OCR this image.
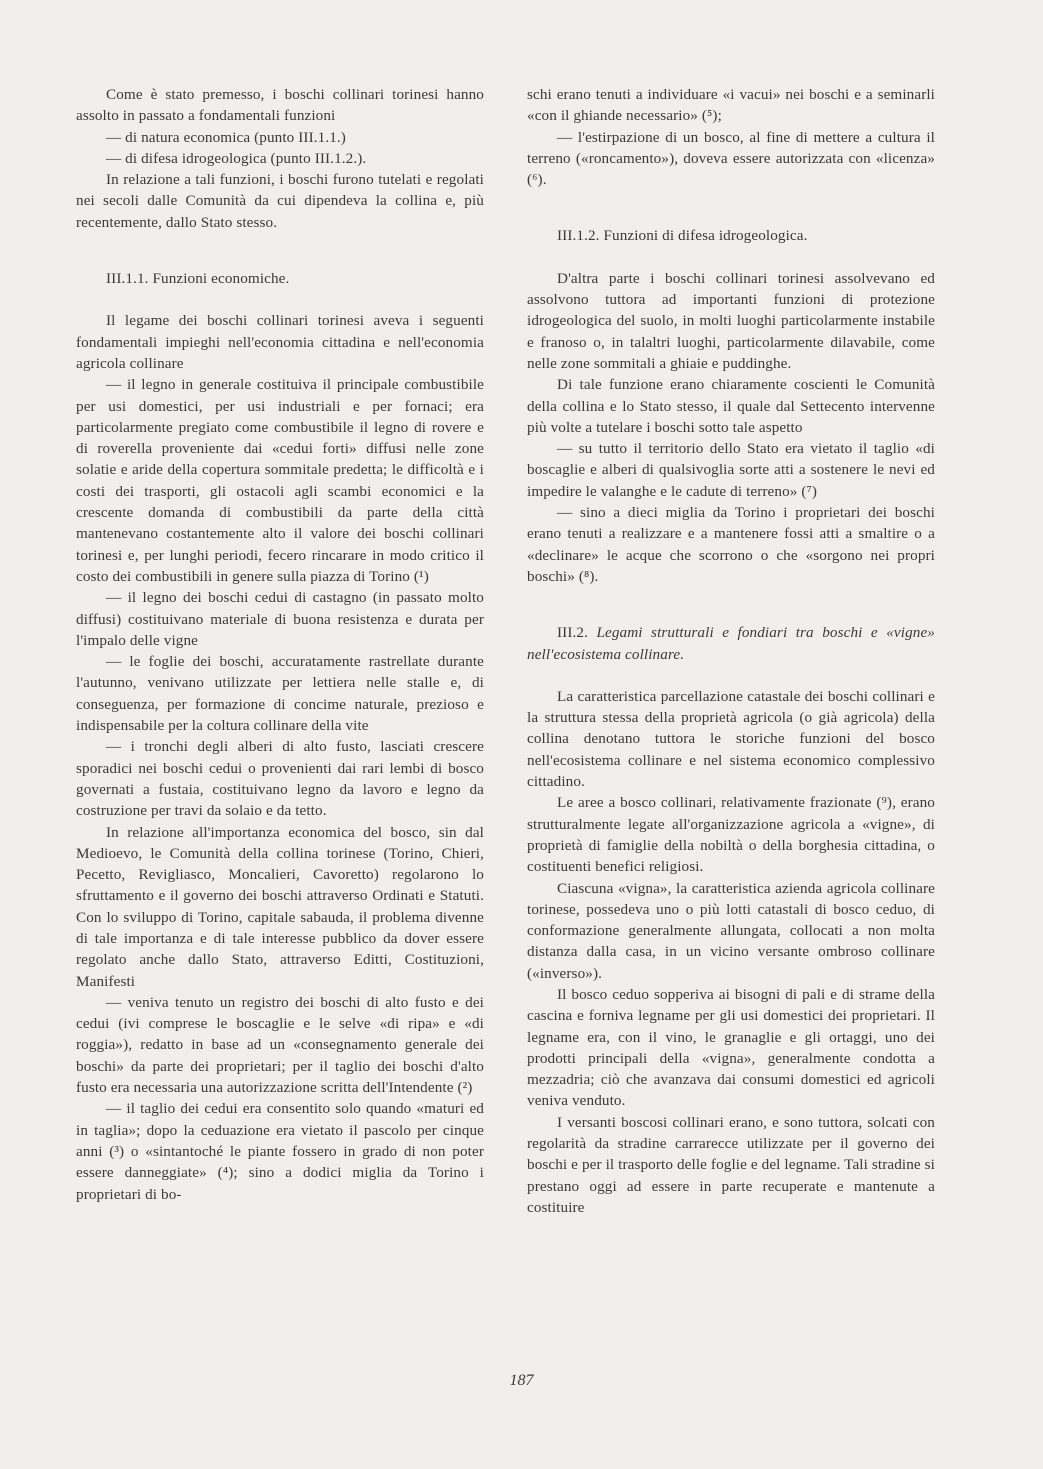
Come è stato premesso, i boschi collinari torinesi hanno assolto in passato a fondamentali funzioni

— di natura economica (punto III.1.1.)

— di difesa idrogeologica (punto III.1.2.).

In relazione a tali funzioni, i boschi furono tutelati e regolati nei secoli dalle Comunità da cui dipendeva la collina e, più recentemente, dallo Stato stesso.

III.1.1. Funzioni economiche.

Il legame dei boschi collinari torinesi aveva i seguenti fondamentali impieghi nell'economia cittadina e nell'economia agricola collinare

— il legno in generale costituiva il principale combustibile per usi domestici, per usi industriali e per fornaci; era particolarmente pregiato come combustibile il legno di rovere e di roverella proveniente dai «cedui forti» diffusi nelle zone solatie e aride della copertura sommitale predetta; le difficoltà e i costi dei trasporti, gli ostacoli agli scambi economici e la crescente domanda di combustibili da parte della città mantenevano costantemente alto il valore dei boschi collinari torinesi e, per lunghi periodi, fecero rincarare in modo critico il costo dei combustibili in genere sulla piazza di Torino (¹)

— il legno dei boschi cedui di castagno (in passato molto diffusi) costituivano materiale di buona resistenza e durata per l'impalo delle vigne

— le foglie dei boschi, accuratamente rastrellate durante l'autunno, venivano utilizzate per lettiera nelle stalle e, di conseguenza, per formazione di concime naturale, prezioso e indispensabile per la coltura collinare della vite

— i tronchi degli alberi di alto fusto, lasciati crescere sporadici nei boschi cedui o provenienti dai rari lembi di bosco governati a fustaia, costituivano legno da lavoro e legno da costruzione per travi da solaio e da tetto.

In relazione all'importanza economica del bosco, sin dal Medioevo, le Comunità della collina torinese (Torino, Chieri, Pecetto, Revigliasco, Moncalieri, Cavoretto) regolarono lo sfruttamento e il governo dei boschi attraverso Ordinati e Statuti. Con lo sviluppo di Torino, capitale sabauda, il problema divenne di tale importanza e di tale interesse pubblico da dover essere regolato anche dallo Stato, attraverso Editti, Costituzioni, Manifesti

— veniva tenuto un registro dei boschi di alto fusto e dei cedui (ivi comprese le boscaglie e le selve «di ripa» e «di roggia»), redatto in base ad un «consegnamento generale dei boschi» da parte dei proprietari; per il taglio dei boschi d'alto fusto era necessaria una autorizzazione scritta dell'Intendente (²)

— il taglio dei cedui era consentito solo quando «maturi ed in taglia»; dopo la ceduazione era vietato il pascolo per cinque anni (³) o «sintantoché le piante fossero in grado di non poter essere danneggiate» (⁴); sino a dodici miglia da Torino i proprietari di bo-

schi erano tenuti a individuare «i vacui» nei boschi e a seminarli «con il ghiande necessario» (⁵);

— l'estirpazione di un bosco, al fine di mettere a cultura il terreno («roncamento»), doveva essere autorizzata con «licenza» (⁶).

III.1.2. Funzioni di difesa idrogeologica.

D'altra parte i boschi collinari torinesi assolvevano ed assolvono tuttora ad importanti funzioni di protezione idrogeologica del suolo, in molti luoghi particolarmente instabile e franoso o, in talaltri luoghi, particolarmente dilavabile, come nelle zone sommitali a ghiaie e puddinghe.

Di tale funzione erano chiaramente coscienti le Comunità della collina e lo Stato stesso, il quale dal Settecento intervenne più volte a tutelare i boschi sotto tale aspetto

— su tutto il territorio dello Stato era vietato il taglio «di boscaglie e alberi di qualsivoglia sorte atti a sostenere le nevi ed impedire le valanghe e le cadute di terreno» (⁷)

— sino a dieci miglia da Torino i proprietari dei boschi erano tenuti a realizzare e a mantenere fossi atti a smaltire o a «declinare» le acque che scorrono o che «sorgono nei propri boschi» (⁸).

III.2. Legami strutturali e fondiari tra boschi e «vigne» nell'ecosistema collinare.

La caratteristica parcellazione catastale dei boschi collinari e la struttura stessa della proprietà agricola (o già agricola) della collina denotano tuttora le storiche funzioni del bosco nell'ecosistema collinare e nel sistema economico complessivo cittadino.

Le aree a bosco collinari, relativamente frazionate (⁹), erano strutturalmente legate all'organizzazione agricola a «vigne», di proprietà di famiglie della nobiltà o della borghesia cittadina, o costituenti benefici religiosi.

Ciascuna «vigna», la caratteristica azienda agricola collinare torinese, possedeva uno o più lotti catastali di bosco ceduo, di conformazione generalmente allungata, collocati a non molta distanza dalla casa, in un vicino versante ombroso collinare («inverso»).

Il bosco ceduo sopperiva ai bisogni di pali e di strame della cascina e forniva legname per gli usi domestici dei proprietari. Il legname era, con il vino, le granaglie e gli ortaggi, uno dei prodotti principali della «vigna», generalmente condotta a mezzadria; ciò che avanzava dai consumi domestici ed agricoli veniva venduto.

I versanti boscosi collinari erano, e sono tuttora, solcati con regolarità da stradine carrarecce utilizzate per il governo dei boschi e per il trasporto delle foglie e del legname. Tali stradine si prestano oggi ad essere in parte recuperate e mantenute a costituire

187
